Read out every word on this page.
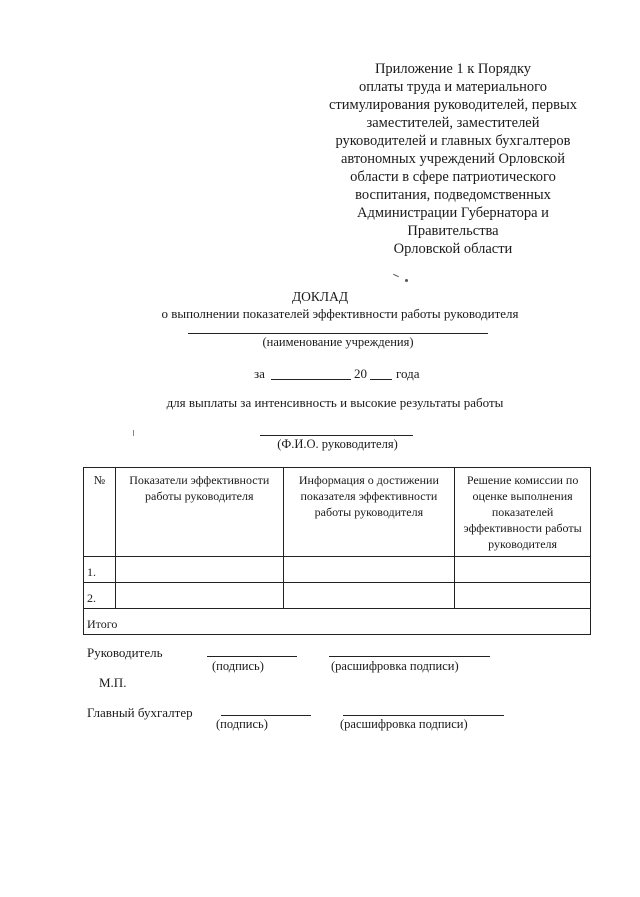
Приложение 1 к Порядку
оплаты труда и материального
стимулирования руководителей, первых
заместителей, заместителей
руководителей и главных бухгалтеров
автономных учреждений Орловской
области в сфере патриотического
воспитания, подведомственных
Администрации Губернатора и
Правительства
Орловской области
ДОКЛАД
о выполнении показателей эффективности работы руководителя
(наименование учреждения)
за	20 года
для выплаты за интенсивность и высокие результаты работы
(Ф.И.О. руководителя)
№	Показатели эффективности работы руководителя	Информация о достижении показателя эффективности работы руководителя	Решение комиссии по оценке выполнения показателей эффективности работы руководителя
1.			
2.			
Итого			
Руководитель
(подпись)	(расшифровка подписи)
М.П.
Главный бухгалтер
(подпись)	(расшифровка подписи)
